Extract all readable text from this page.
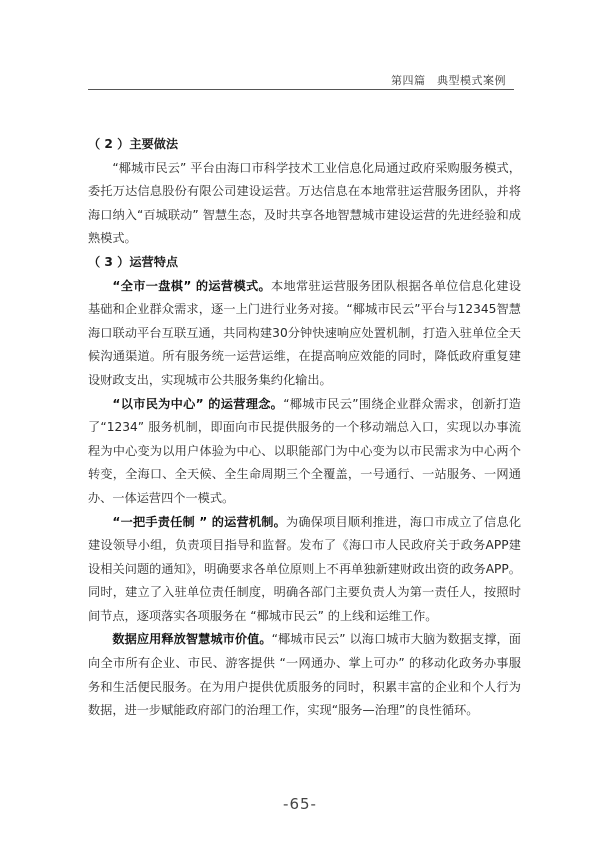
第四篇　典型模式案例

（ 2 ）主要做法

“椰城市民云” 平台由海口市科学技术工业信息化局通过政府采购服务模式，委托万达信息股份有限公司建设运营。万达信息在本地常驻运营服务团队，并将海口纳入“百城联动” 智慧生态，及时共享各地智慧城市建设运营的先进经验和成熟模式。

（ 3 ）运营特点

“全市一盘棋” 的运营模式。本地常驻运营服务团队根据各单位信息化建设基础和企业群众需求，逐一上门进行业务对接。“椰城市民云”平台与12345智慧海口联动平台互联互通，共同构建30分钟快速响应处置机制，打造入驻单位全天候沟通渠道。所有服务统一运营运维，在提高响应效能的同时，降低政府重复建设财政支出，实现城市公共服务集约化输出。

“以市民为中心” 的运营理念。“椰城市民云”围绕企业群众需求，创新打造了“1234” 服务机制，即面向市民提供服务的一个移动端总入口，实现以办事流程为中心变为以用户体验为中心、以职能部门为中心变为以市民需求为中心两个转变，全海口、全天候、全生命周期三个全覆盖，一号通行、一站服务、一网通办、一体运营四个一模式。

“一把手责任制 ” 的运营机制。为确保项目顺利推进，海口市成立了信息化建设领导小组，负责项目指导和监督。发布了《海口市人民政府关于政务APP建设相关问题的通知》，明确要求各单位原则上不再单独新建财政出资的政务APP。同时，建立了入驻单位责任制度，明确各部门主要负责人为第一责任人，按照时间节点，逐项落实各项服务在 “椰城市民云” 的上线和运维工作。

数据应用释放智慧城市价值。“椰城市民云” 以海口城市大脑为数据支撑，面向全市所有企业、市民、游客提供 “一网通办、掌上可办” 的移动化政务办事服务和生活便民服务。在为用户提供优质服务的同时，积累丰富的企业和个人行为数据，进一步赋能政府部门的治理工作，实现“服务—治理”的良性循环。

-65-
